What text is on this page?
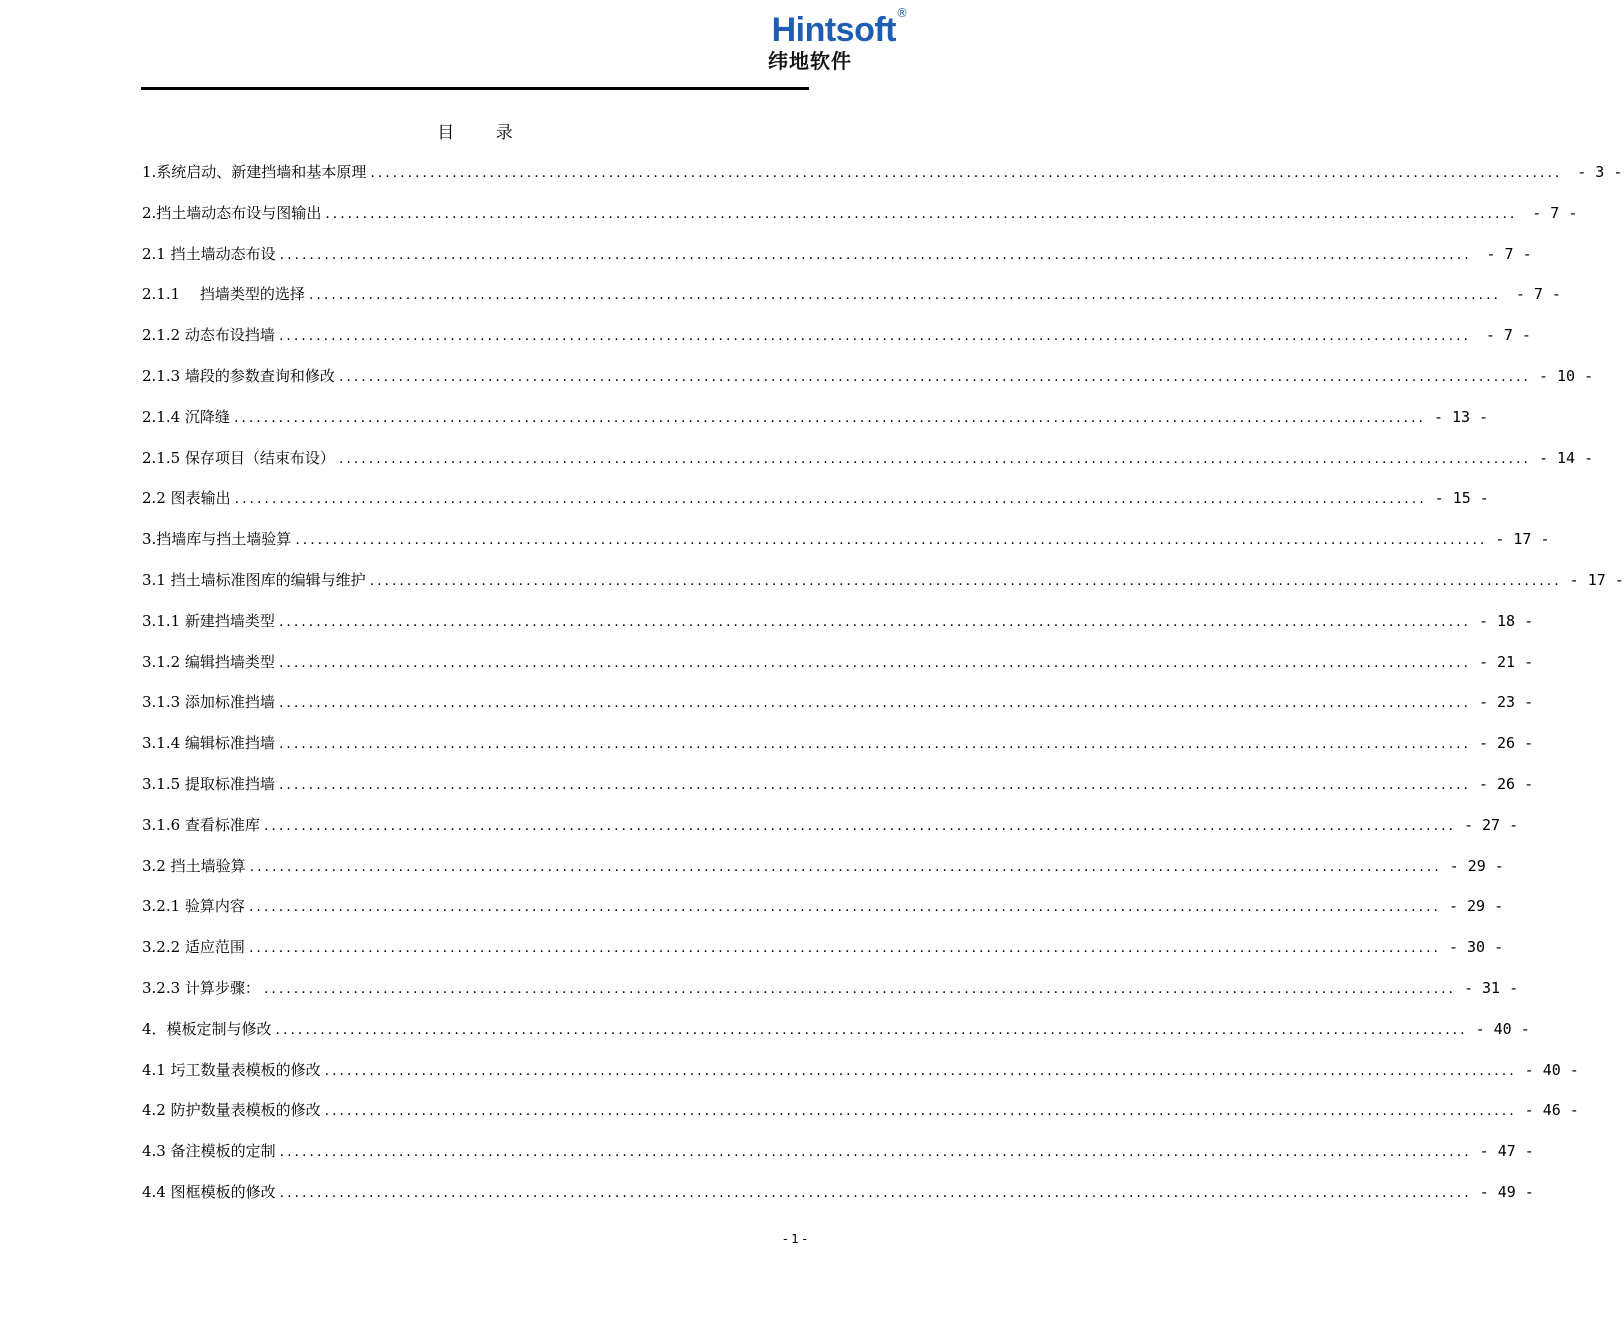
Hintsoft ®
纬地软件
目 录
1.系统启动、新建挡墙和基本原理 ................................................................................................................................................................ - 3 -
2.挡土墙动态布设与图输出 ................................................................................................................................................................ - 7 -
2.1 挡土墙动态布设 ................................................................................................................................................................ - 7 -
2.1.1　 挡墙类型的选择 ................................................................................................................................................................ - 7 -
2.1.2 动态布设挡墙 ................................................................................................................................................................ - 7 -
2.1.3 墙段的参数查询和修改 ................................................................................................................................................................ - 10 -
2.1.4 沉降缝 ................................................................................................................................................................ - 13 -
2.1.5 保存项目（结束布设） ................................................................................................................................................................ - 14 -
2.2 图表输出 ................................................................................................................................................................ - 15 -
3.挡墙库与挡土墙验算 ................................................................................................................................................................ - 17 -
3.1 挡土墙标准图库的编辑与维护 ................................................................................................................................................................ - 17 -
3.1.1 新建挡墙类型 ................................................................................................................................................................ - 18 -
3.1.2 编辑挡墙类型 ................................................................................................................................................................ - 21 -
3.1.3 添加标准挡墙 ................................................................................................................................................................ - 23 -
3.1.4 编辑标准挡墙 ................................................................................................................................................................ - 26 -
3.1.5 提取标准挡墙 ................................................................................................................................................................ - 26 -
3.1.6 查看标准库 ................................................................................................................................................................ - 27 -
3.2 挡土墙验算 ................................................................................................................................................................ - 29 -
3.2.1 验算内容 ................................................................................................................................................................ - 29 -
3.2.2 适应范围 ................................................................................................................................................................ - 30 -
3.2.3 计算步骤： ................................................................................................................................................................ - 31 -
4．模板定制与修改 ................................................................................................................................................................ - 40 -
4.1 圬工数量表模板的修改 ................................................................................................................................................................ - 40 -
4.2 防护数量表模板的修改 ................................................................................................................................................................ - 46 -
4.3 备注模板的定制 ................................................................................................................................................................ - 47 -
4.4 图框模板的修改 ................................................................................................................................................................ - 49 -
- 1 -
